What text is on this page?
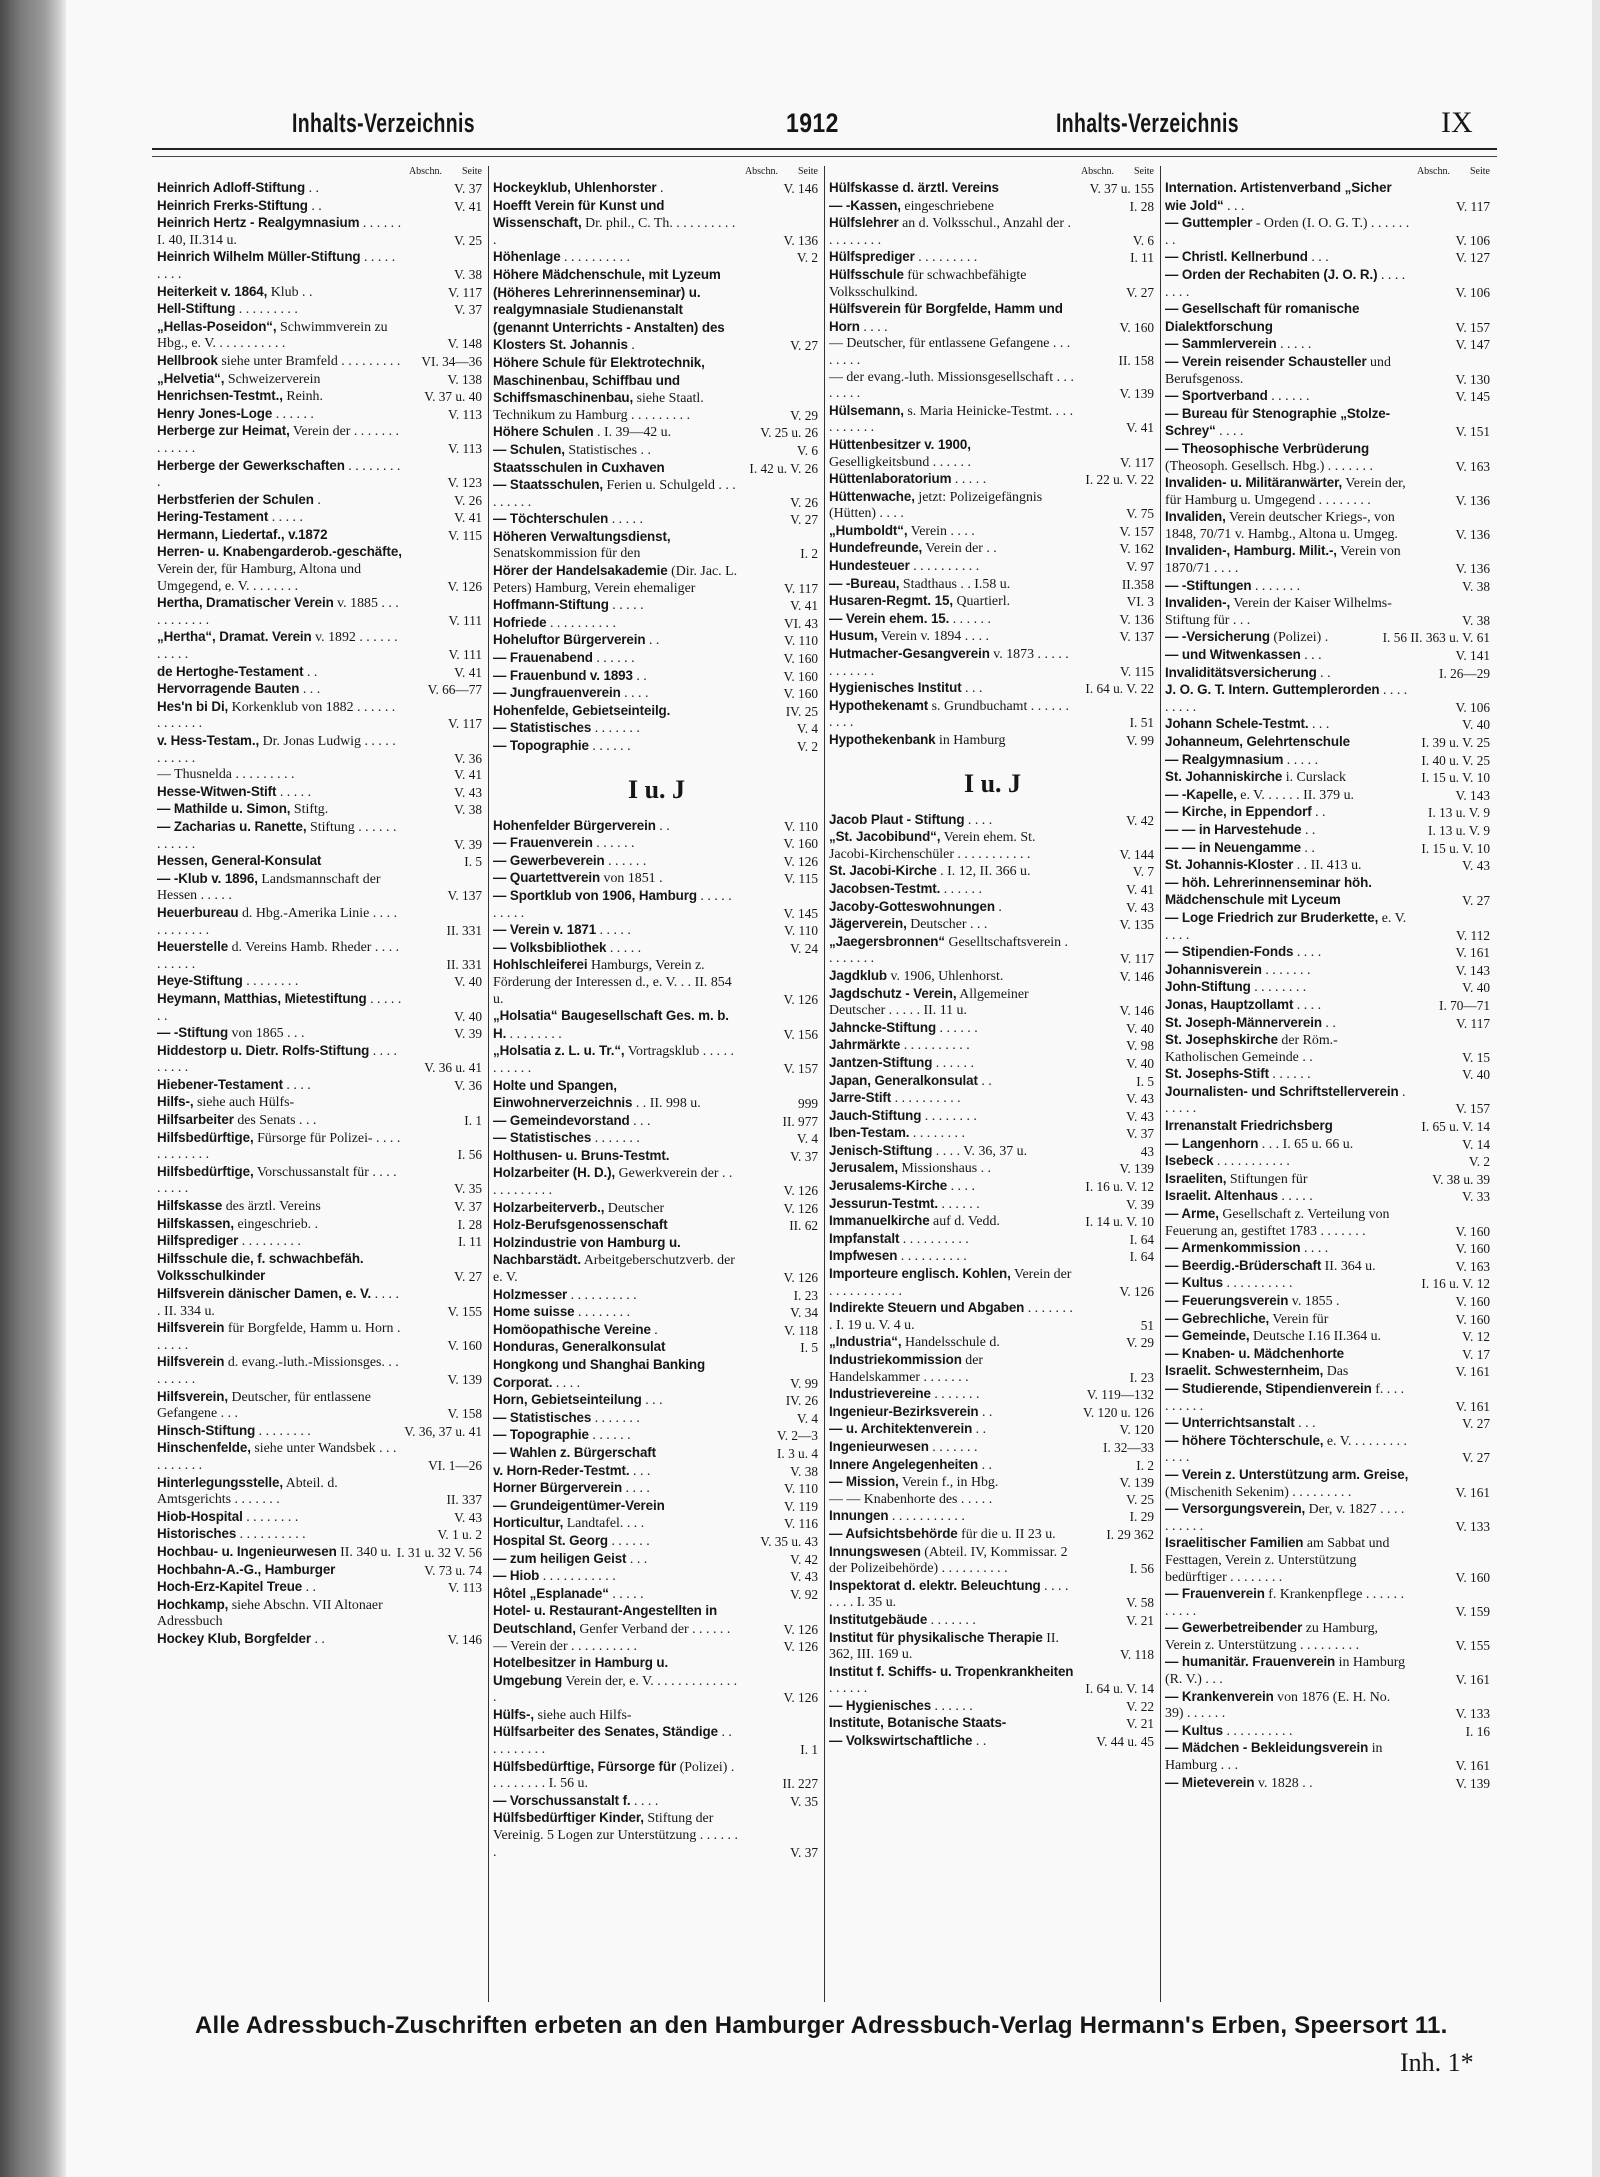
Inhalts-Verzeichnis	1912	Inhalts-Verzeichnis	IX
Abschn. Seite
Heinrich Adloff-Stiftung . .	V. 37
Heinrich Frerks-Stiftung . .	V. 41
Heinrich Hertz - Realgymnasium . . . . . . I. 40, II.314 u.	V. 25
Heinrich Wilhelm Müller-Stiftung . . . . . . . . .	V. 38
Heiterkeit v. 1864, Klub . .	V. 117
Hell-Stiftung . . . . . . . . .	V. 37
„Hellas-Poseidon“, Schwimmverein zu Hbg., e. V. . . . . . . . . . .	V. 148
Hellbrook siehe unter Bramfeld . . . . . . . . . VI. 34—36
„Helvetia“, Schweizerverein	V. 138
Henrichsen-Testmt., Reinh.	V. 37 u. 40
Henry Jones-Loge . . . . . .	V. 113
Herberge zur Heimat, Verein der . . . . . . . . . . . . .	V. 113
Herberge der Gewerkschaften . . . . . . . . .	V. 123
Herbstferien der Schulen .	V. 26
Hering-Testament . . . . .	V. 41
Hermann, Liedertaf., v.1872	V. 115
Herren- u. Knabengarderob.-geschäfte, Verein der, für Hamburg, Altona und Umgegend, e. V. . . . . . . .	V. 126
Hertha, Dramatischer Verein v. 1885 . . . . . . . . . . .	V. 111
„Hertha“, Dramat. Verein v. 1892 . . . . . . . . . . .	V. 111
de Hertoghe-Testament . .	V. 41
Hervorragende Bauten . . .	V. 66—77
Hes'n bi Di, Korkenklub von 1882 . . . . . . . . . . . . .	V. 117
v. Hess-Testam., Dr. Jonas Ludwig . . . . . . . . . . .	V. 36
— Thusnelda . . . . . . . . .	V. 41
Hesse-Witwen-Stift . . . . .	V. 43
— Mathilde u. Simon, Stiftg.	V. 38
— Zacharias u. Ranette, Stiftung . . . . . . . . . . . .	V. 39
Hessen, General-Konsulat	I. 5
— -Klub v. 1896, Landsmannschaft der Hessen . . . . .	V. 137
Heuerbureau d. Hbg.-Amerika Linie . . . . . . . . . . . .	II. 331
Heuerstelle d. Vereins Hamb. Rheder . . . . . . . . . .	II. 331
Heye-Stiftung . . . . . . . .	V. 40
Heymann, Matthias, Mietestiftung . . . . . . .	V. 40
— -Stiftung von 1865 . . .	V. 39
Hiddestorp u. Dietr. Rolfs-Stiftung . . . . . . . . .	V. 36 u. 41
Hiebener-Testament . . . .	V. 36
Hilfs-, siehe auch Hülfs-
Hilfsarbeiter des Senats . . .	I. 1
Hilfsbedürftige, Fürsorge für Polizei- . . . . . . . . . . . .	I. 56
Hilfsbedürftige, Vorschussanstalt für . . . . . . . . .	V. 35
Hilfskasse des ärztl. Vereins	V. 37
Hilfskassen, eingeschrieb. .	I. 28
Hilfsprediger . . . . . . . . .	I. 11
Hilfsschule die, f. schwachbefäh. Volksschulkinder	V. 27
Hilfsverein dänischer Damen, e. V. . . . . . II. 334 u.	V. 155
Hilfsverein für Borgfelde, Hamm u. Horn . . . . . .	V. 160
Hilfsverein d. evang.-luth.-Missionsges. . . . . . . . .	V. 139
Hilfsverein, Deutscher, für entlassene Gefangene . . .	V. 158
Hinsch-Stiftung . . . . . . . .	V. 36, 37 u. 41
Hinschenfelde, siehe unter Wandsbek . . . . . . . . . .	VI. 1—26
Hinterlegungsstelle, Abteil. d. Amtsgerichts . . . . . . .	II. 337
Hiob-Hospital . . . . . . . .	V. 43
Historisches . . . . . . . . . .	V. 1 u. 2
Hochbau- u. Ingenieurwesen II. 340 u. I. 31 u. 32 V. 56
Hochbahn-A.-G., Hamburger	V. 73 u. 74
Hoch-Erz-Kapitel Treue . .	V. 113
Hochkamp, siehe Abschn. VII Altonaer Adressbuch
Hockey Klub, Borgfelder . .	V. 146
Abschn. Seite
Hockeyklub, Uhlenhorster .	V. 146
Hoefft Verein für Kunst und Wissenschaft, Dr. phil., C. Th. . . . . . . . . . .	V. 136
Höhenlage . . . . . . . . . .	V. 2
Höhere Mädchenschule, mit Lyzeum (Höheres Lehrerinnenseminar) u. realgymnasiale Studienanstalt (genannt Unterrichts - Anstalten) des Klosters St. Johannis .	V. 27
Höhere Schule für Elektrotechnik, Maschinenbau, Schiffbau und Schiffsmaschinenbau, siehe Staatl. Technikum zu Hamburg . . . . . . . . .	V. 29
Höhere Schulen . I. 39—42 u.	V. 25 u. 26
— Schulen, Statistisches . .	V. 6
Staatsschulen in Cuxhaven	I. 42 u. V. 26
— Staatsschulen, Ferien u. Schulgeld . . . . . . . . .	V. 26
— Töchterschulen . . . . .	V. 27
Höheren Verwaltungsdienst, Senatskommission für den	I. 2
Hörer der Handelsakademie (Dir. Jac. L. Peters) Hamburg, Verein ehemaliger	V. 117
Hoffmann-Stiftung . . . . .	V. 41
Hofriede . . . . . . . . . .	VI. 43
Hoheluftor Bürgerverein . .	V. 110
— Frauenabend . . . . . .	V. 160
— Frauenbund v. 1893 . .	V. 160
— Jungfrauenverein . . . .	V. 160
Hohenfelde, Gebietseinteilg.	IV. 25
— Statistisches . . . . . . .	V. 4
— Topographie . . . . . .	V. 2
I u. J
Hohenfelder Bürgerverein . .	V. 110
— Frauenverein . . . . . .	V. 160
— Gewerbeverein . . . . . .	V. 126
— Quartettverein von 1851 .	V. 115
— Sportklub von 1906, Hamburg . . . . . . . . . .	V. 145
— Verein v. 1871 . . . . .	V. 110
— Volksbibliothek . . . . .	V. 24
Hohlschleiferei Hamburgs, Verein z. Förderung der Interessen d., e. V. . . II. 854 u.	V. 126
„Holsatia“ Baugesellschaft Ges. m. b. H. . . . . . . . .	V. 156
„Holsatia z. L. u. Tr.“, Vortragsklub . . . . . . . . . . .	V. 157
Holte und Spangen, Einwohnerverzeichnis . . II. 998 u.	999
— Gemeindevorstand . . .	II. 977
— Statistisches . . . . . . .	V. 4
Holthusen- u. Bruns-Testmt.	V. 37
Holzarbeiter (H. D.), Gewerkverein der . . . . . . . . . . .	V. 126
Holzarbeiterverb., Deutscher	V. 126
Holz-Berufsgenossenschaft	II. 62
Holzindustrie von Hamburg u. Nachbarstädt. Arbeitgeberschutzverb. der e. V.	V. 126
Holzmesser . . . . . . . . . .	I. 23
Home suisse . . . . . . . .	V. 34
Homöopathische Vereine .	V. 118
Honduras, Generalkonsulat	I. 5
Hongkong und Shanghai Banking Corporat. . . . .	V. 99
Horn, Gebietseinteilung . . .	IV. 26
— Statistisches . . . . . . .	V. 4
— Topographie . . . . . .	V. 2—3
— Wahlen z. Bürgerschaft	I. 3 u. 4
v. Horn-Reder-Testmt. . . .	V. 38
Horner Bürgerverein . . . .	V. 110
— Grundeigentümer-Verein	V. 119
Horticultur, Landtafel. . . .	V. 116
Hospital St. Georg . . . . . .	V. 35 u. 43
— zum heiligen Geist . . .	V. 42
— Hiob . . . . . . . . . . .	V. 43
Hôtel „Esplanade“ . . . . .	V. 92
Hotel- u. Restaurant-Angestellten in Deutschland, Genfer Verband der . . . . . .	V. 126
— Verein der . . . . . . . . . .	V. 126
Hotelbesitzer in Hamburg u. Umgebung Verein der, e. V. . . . . . . . . . . . . .	V. 126
Hülfs-, siehe auch Hilfs-
Hülfsarbeiter des Senates, Ständige . . . . . . . . . .	I. 1
Hülfsbedürftige, Fürsorge für (Polizei) . . . . . . . . . I. 56 u.	II. 227
— Vorschussanstalt f. . . . .	V. 35
Hülfsbedürftiger Kinder, Stiftung der Vereinig. 5 Logen zur Unterstützung . . . . . . .	V. 37
Abschn. Seite
Hülfskasse d. ärztl. Vereins	V. 37 u. 155
— -Kassen, eingeschriebene	I. 28
Hülfslehrer an d. Volksschul., Anzahl der . . . . . . . . .	V. 6
Hülfsprediger . . . . . . . . .	I. 11
Hülfsschule für schwachbefähigte Volksschulkind.	V. 27
Hülfsverein für Borgfelde, Hamm und Horn . . . .	V. 160
— Deutscher, für entlassene Gefangene . . . . . . . .	II. 158
— der evang.-luth. Missionsgesellschaft . . . . . . . .	V. 139
Hülsemann, s. Maria Heinicke-Testmt. . . . . . . . . . .	V. 41
Hüttenbesitzer v. 1900, Geselligkeitsbund . . . . . .	V. 117
Hüttenlaboratorium . . . . .	I. 22 u. V. 22
Hüttenwache, jetzt: Polizeigefängnis (Hütten) . . . .	V. 75
„Humboldt“, Verein . . . .	V. 157
Hundefreunde, Verein der . .	V. 162
Hundesteuer . . . . . . . . . .	V. 97
— -Bureau, Stadthaus . . I.58 u.	II.358
Husaren-Regmt. 15, Quartierl.	VI. 3
— Verein ehem. 15. . . . . . .	V. 136
Husum, Verein v. 1894 . . . .	V. 137
Hutmacher-Gesangverein v. 1873 . . . . . . . . . . . .	V. 115
Hygienisches Institut . . .	I. 64 u. V. 22
Hypothekenamt s. Grundbuchamt . . . . . . . . . .	I. 51
Hypothekenbank in Hamburg	V. 99
I u. J
Jacob Plaut - Stiftung . . . .	V. 42
„St. Jacobibund“, Verein ehem. St. Jacobi-Kirchenschüler . . . . . . . . . . .	V. 144
St. Jacobi-Kirche . I. 12, II. 366 u.	V. 7
Jacobsen-Testmt. . . . . . .	V. 41
Jacoby-Gotteswohnungen .	V. 43
Jägerverein, Deutscher . . .	V. 135
„Jaegersbronnen“ Geselltschaftsverein . . . . . . . .	V. 117
Jagdklub v. 1906, Uhlenhorst.	V. 146
Jagdschutz - Verein, Allgemeiner Deutscher . . . . . II. 11 u.	V. 146
Jahncke-Stiftung . . . . . .	V. 40
Jahrmärkte . . . . . . . . . .	V. 98
Jantzen-Stiftung . . . . . .	V. 40
Japan, Generalkonsulat . .	I. 5
Jarre-Stift . . . . . . . . . .	V. 43
Jauch-Stiftung . . . . . . . .	V. 43
Iben-Testam. . . . . . . . .	V. 37
Jenisch-Stiftung . . . . V. 36, 37 u.	43
Jerusalem, Missionshaus . .	V. 139
Jerusalems-Kirche . . . .	I. 16 u. V. 12
Jessurun-Testmt. . . . . . .	V. 39
Immanuelkirche auf d. Vedd.	I. 14 u. V. 10
Impfanstalt . . . . . . . . . .	I. 64
Impfwesen . . . . . . . . . .	I. 64
Importeure englisch. Kohlen, Verein der . . . . . . . . . . .	V. 126
Indirekte Steuern und Abgaben . . . . . . . . I. 19 u. V. 4 u.	51
„Industria“, Handelsschule d.	V. 29
Industriekommission der Handelskammer . . . . . . .	I. 23
Industrievereine . . . . . . .	V. 119—132
Ingenieur-Bezirksverein . .	V. 120 u. 126
— u. Architektenverein . .	V. 120
Ingenieurwesen . . . . . . .	I. 32—33
Innere Angelegenheiten . .	I. 2
— Mission, Verein f., in Hbg.	V. 139
— — Knabenhorte des . . . . .	V. 25
Innungen . . . . . . . . . . .	I. 29
— Aufsichtsbehörde für die u. II 23 u.	I. 29 362
Innungswesen (Abteil. IV, Kommissar. 2 der Polizeibehörde) . . . . . . . . . .	I. 56
Inspektorat d. elektr. Beleuchtung . . . . . . . . I. 35 u.	V. 58
Institutgebäude . . . . . . .	V. 21
Institut für physikalische Therapie II. 362, III. 169 u.	V. 118
Institut f. Schiffs- u. Tropenkrankheiten . . . . . .	I. 64 u. V. 14
— Hygienisches . . . . . .	V. 22
Institute, Botanische Staats-	V. 21
— Volkswirtschaftliche . .	V. 44 u. 45
Abschn. Seite
Internation. Artistenverband „Sicher wie Jold“ . . .	V. 117
— Guttempler - Orden (I. O. G. T.) . . . . . . . .	V. 106
— Christl. Kellnerbund . . .	V. 127
— Orden der Rechabiten (J. O. R.) . . . . . . . .	V. 106
— Gesellschaft für romanische Dialektforschung	V. 157
— Sammlerverein . . . . .	V. 147
— Verein reisender Schausteller und Berufsgenoss.	V. 130
— Sportverband . . . . . .	V. 145
— Bureau für Stenographie „Stolze-Schrey“ . . . .	V. 151
— Theosophische Verbrüderung (Theosoph. Gesellsch. Hbg.) . . . . . . .	V. 163
Invaliden- u. Militäranwärter, Verein der, für Hamburg u. Umgegend . . . . . . . .	V. 136
Invaliden, Verein deutscher Kriegs-, von 1848, 70/71 v. Hambg., Altona u. Umgeg.	V. 136
Invaliden-, Hamburg. Milit.-, Verein von 1870/71 . . . .	V. 136
— -Stiftungen . . . . . . .	V. 38
Invaliden-, Verein der Kaiser Wilhelms-Stiftung für . . .	V. 38
— -Versicherung (Polizei) .	I. 56 II. 363 u. V. 61
— und Witwenkassen . . .	V. 141
Invaliditätsversicherung . .	I. 26—29
J. O. G. T. Intern. Guttemplerorden . . . . . . . . .	V. 106
Johann Schele-Testmt. . . .	V. 40
Johanneum, Gelehrtenschule	I. 39 u. V. 25
— Realgymnasium . . . . .	I. 40 u. V. 25
St. Johanniskirche i. Curslack	I. 15 u. V. 10
— -Kapelle, e. V. . . . . . II. 379 u.	V. 143
— Kirche, in Eppendorf . .	I. 13 u. V. 9
— — in Harvestehude . .	I. 13 u. V. 9
— — in Neuengamme . .	I. 15 u. V. 10
St. Johannis-Kloster . . II. 413 u.	V. 43
— höh. Lehrerinnenseminar höh. Mädchenschule mit Lyceum	V. 27
— Loge Friedrich zur Bruderkette, e. V. . . . .	V. 112
— Stipendien-Fonds . . . .	V. 161
Johannisverein . . . . . . .	V. 143
John-Stiftung . . . . . . . .	V. 40
Jonas, Hauptzollamt . . . .	I. 70—71
St. Joseph-Männerverein . .	V. 117
St. Josephskirche der Röm.-Katholischen Gemeinde . .	V. 15
St. Josephs-Stift . . . . . .	V. 40
Journalisten- und Schriftstellerverein . . . . . .	V. 157
Irrenanstalt Friedrichsberg	I. 65 u. V. 14
— Langenhorn . . . I. 65 u. 66 u.	V. 14
Isebeck . . . . . . . . . . .	V. 2
Israeliten, Stiftungen für	V. 38 u. 39
Israelit. Altenhaus . . . . .	V. 33
— Arme, Gesellschaft z. Verteilung von Feuerung an, gestiftet 1783 . . . . . . .	V. 160
— Armenkommission . . . .	V. 160
— Beerdig.-Brüderschaft II. 364 u.	V. 163
— Kultus . . . . . . . . . .	I. 16 u. V. 12
— Feuerungsverein v. 1855 .	V. 160
— Gebrechliche, Verein für	V. 160
— Gemeinde, Deutsche I.16 II.364 u.	V. 12
— Knaben- u. Mädchenhorte	V. 17
Israelit. Schwesternheim, Das	V. 161
— Studierende, Stipendienverein f. . . . . . . . . .	V. 161
— Unterrichtsanstalt . . .	V. 27
— höhere Töchterschule, e. V. . . . . . . . . . . . .	V. 27
— Verein z. Unterstützung arm. Greise, (Mischenith Sekenim) . . . . . . . . .	V. 161
— Versorgungsverein, Der, v. 1827 . . . . . . . . . .	V. 133
Israelitischer Familien am Sabbat und Festtagen, Verein z. Unterstützung bedürftiger . . . . . . . .	V. 160
— Frauenverein f. Krankenpflege . . . . . . . . . . .	V. 159
— Gewerbetreibender zu Hamburg, Verein z. Unterstützung . . . . . . . . .	V. 155
— humanitär. Frauenverein in Hamburg (R. V.) . . .	V. 161
— Krankenverein von 1876 (E. H. No. 39) . . . . . .	V. 133
— Kultus . . . . . . . . . .	I. 16
— Mädchen - Bekleidungsverein in Hamburg . . .	V. 161
— Mieteverein v. 1828 . .	V. 139
Alle Adressbuch-Zuschriften erbeten an den Hamburger Adressbuch-Verlag Hermann's Erben, Speersort 11.
Inh. 1*
